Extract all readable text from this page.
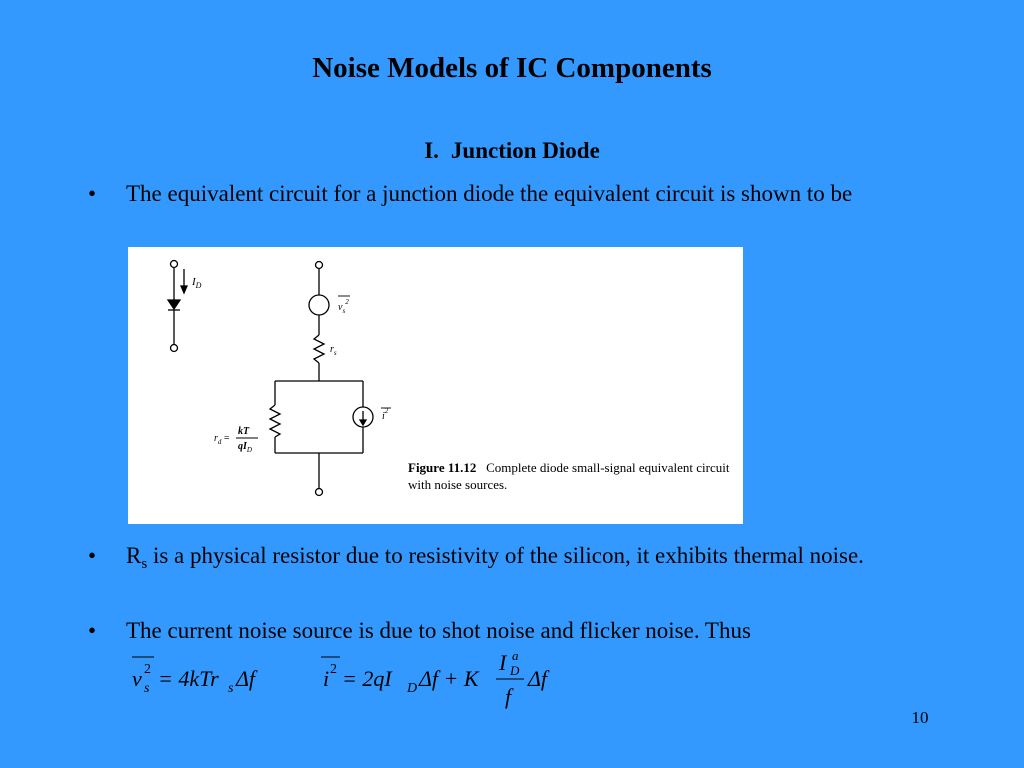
Noise Models of IC Components
I. Junction Diode
• The equivalent circuit for a junction diode the equivalent circuit is shown to be
$I_D$
$v_s^2$
$r_s$
$i^2$
$r_d$ =
kT
$qI_D$
Figure 11.12 Complete diode small-signal equivalent circuit with noise sources.
• $R_s$ is a physical resistor due to resistivity of the silicon, it exhibits thermal noise.
• The current noise source is due to shot noise and flicker noise. Thus
v 2
s = 4kTr s Δf	i 2 = 2qI D Δf + K
I a
D
f
Δf
10
